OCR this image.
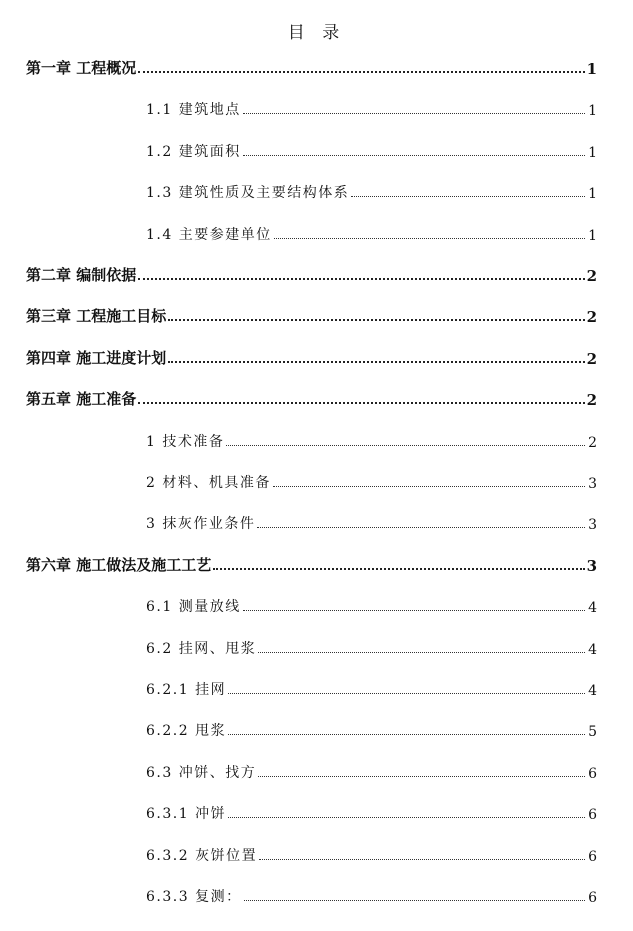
目 录
第一章 工程概况	1
1.1 建筑地点	1
1.2 建筑面积	1
1.3 建筑性质及主要结构体系	1
1.4 主要参建单位	1
第二章 编制依据	2
第三章 工程施工目标	2
第四章 施工进度计划	2
第五章 施工准备	2
1 技术准备	2
2 材料、机具准备	3
3 抹灰作业条件	3
第六章 施工做法及施工工艺	3
6.1 测量放线	4
6.2 挂网、甩浆	4
6.2.1 挂网	4
6.2.2 甩浆	5
6.3 冲饼、找方	6
6.3.1 冲饼	6
6.3.2 灰饼位置	6
6.3.3 复测：	6
